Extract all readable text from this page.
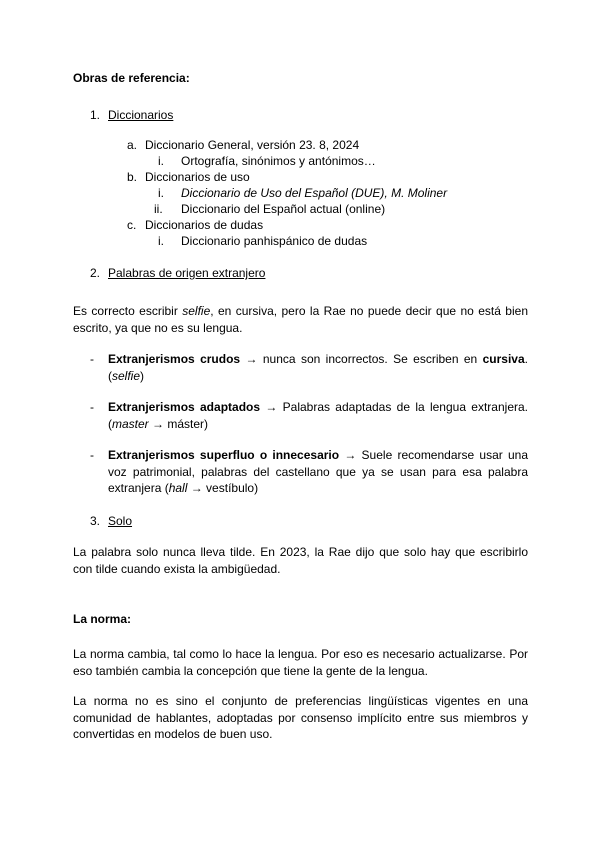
Obras de referencia:
1. Diccionarios
a. Diccionario General, versión 23. 8, 2024
i. Ortografía, sinónimos y antónimos…
b. Diccionarios de uso
i. Diccionario de Uso del Español (DUE), M. Moliner
ii. Diccionario del Español actual (online)
c. Diccionarios de dudas
i. Diccionario panhispánico de dudas
2. Palabras de origen extranjero
Es correcto escribir selfie, en cursiva, pero la Rae no puede decir que no está bien
escrito, ya que no es su lengua.
- Extranjerismos crudos → nunca son incorrectos. Se escriben en cursiva.
(selfie)
- Extranjerismos adaptados → Palabras adaptadas de la lengua extranjera.
(master → máster)
- Extranjerismos superfluo o innecesario → Suele recomendarse usar una
voz patrimonial, palabras del castellano que ya se usan para esa palabra
extranjera (hall → vestíbulo)
3. Solo
La palabra solo nunca lleva tilde. En 2023, la Rae dijo que solo hay que escribirlo
con tilde cuando exista la ambigüedad.
La norma:
La norma cambia, tal como lo hace la lengua. Por eso es necesario actualizarse. Por
eso también cambia la concepción que tiene la gente de la lengua.
La norma no es sino el conjunto de preferencias lingüísticas vigentes en una
comunidad de hablantes, adoptadas por consenso implícito entre sus miembros y
convertidas en modelos de buen uso.
